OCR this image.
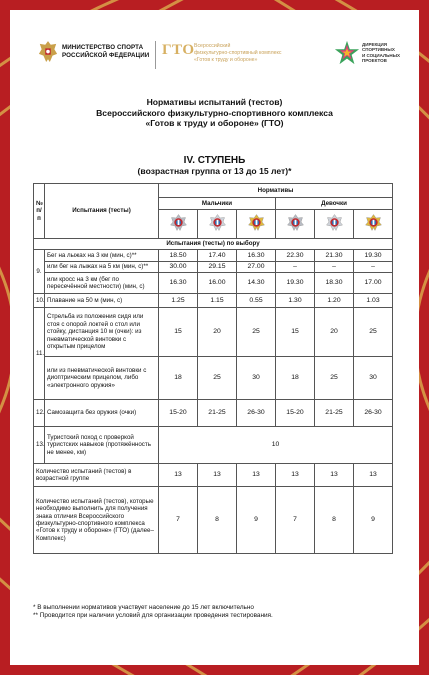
МИНИСТЕРСТВО СПОРТА
РОССИЙСКОЙ ФЕДЕРАЦИИ ГТО Всероссийский
физкультурно-спортивный комплекс
«Готов к труду и обороне»
ДИРЕКЦИЯ
СПОРТИВНЫХ
И СОЦИАЛЬНЫХ
ПРОЕКТОВ
Нормативы испытаний (тестов)
Всероссийского физкультурно-спортивного комплекса
«Готов к труду и обороне» (ГТО)
IV. СТУПЕНЬ
(возрастная группа от 13 до 15 лет)*
№ п/п	Испытания (тесты)	Нормативы					
		Мальчики			Девочки		

Испытания (тесты) по выбору							
9.	Бег на лыжах на 3 км (мин, с)**	18.50	17.40	16.30	22.30	21.30	19.30
	или бег на лыжах на 5 км (мин, с)**	30.00	29.15	27.00	–	–	–
	или кросс на 3 км (бег по пересечённой местности) (мин, с)	16.30	16.00	14.30	19.30	18.30	17.00
10.	Плавание на 50 м (мин, с)	1.25	1.15	0.55	1.30	1.20	1.03
11.	Стрельба из положения сидя или стоя с опорой локтей о стол или стойку, дистанция 10 м (очки): из пневматической винтовки с открытым прицелом	15	20	25	15	20	25
	или из пневматической винтовки с диоптрическим прицелом, либо «электронного оружия»	18	25	30	18	25	30
12.	Самозащита без оружия (очки)	15-20	21-25	26-30	15-20	21-25	26-30
13.	Туристский поход с проверкой туристских навыков (протяжённость не менее, км)	10					
Количество испытаний (тестов) в возрастной группе		13	13	13	13	13	13
Количество испытаний (тестов), которые необходимо выполнить для получения знака отличия Всероссийского физкультурно-спортивного комплекса «Готов к труду и обороне» (ГТО) (далее–Комплекс)		7	8	9	7	8	9
* В выполнении нормативов участвует население до 15 лет включительно
** Проводится при наличии условий для организации проведения тестирования.
